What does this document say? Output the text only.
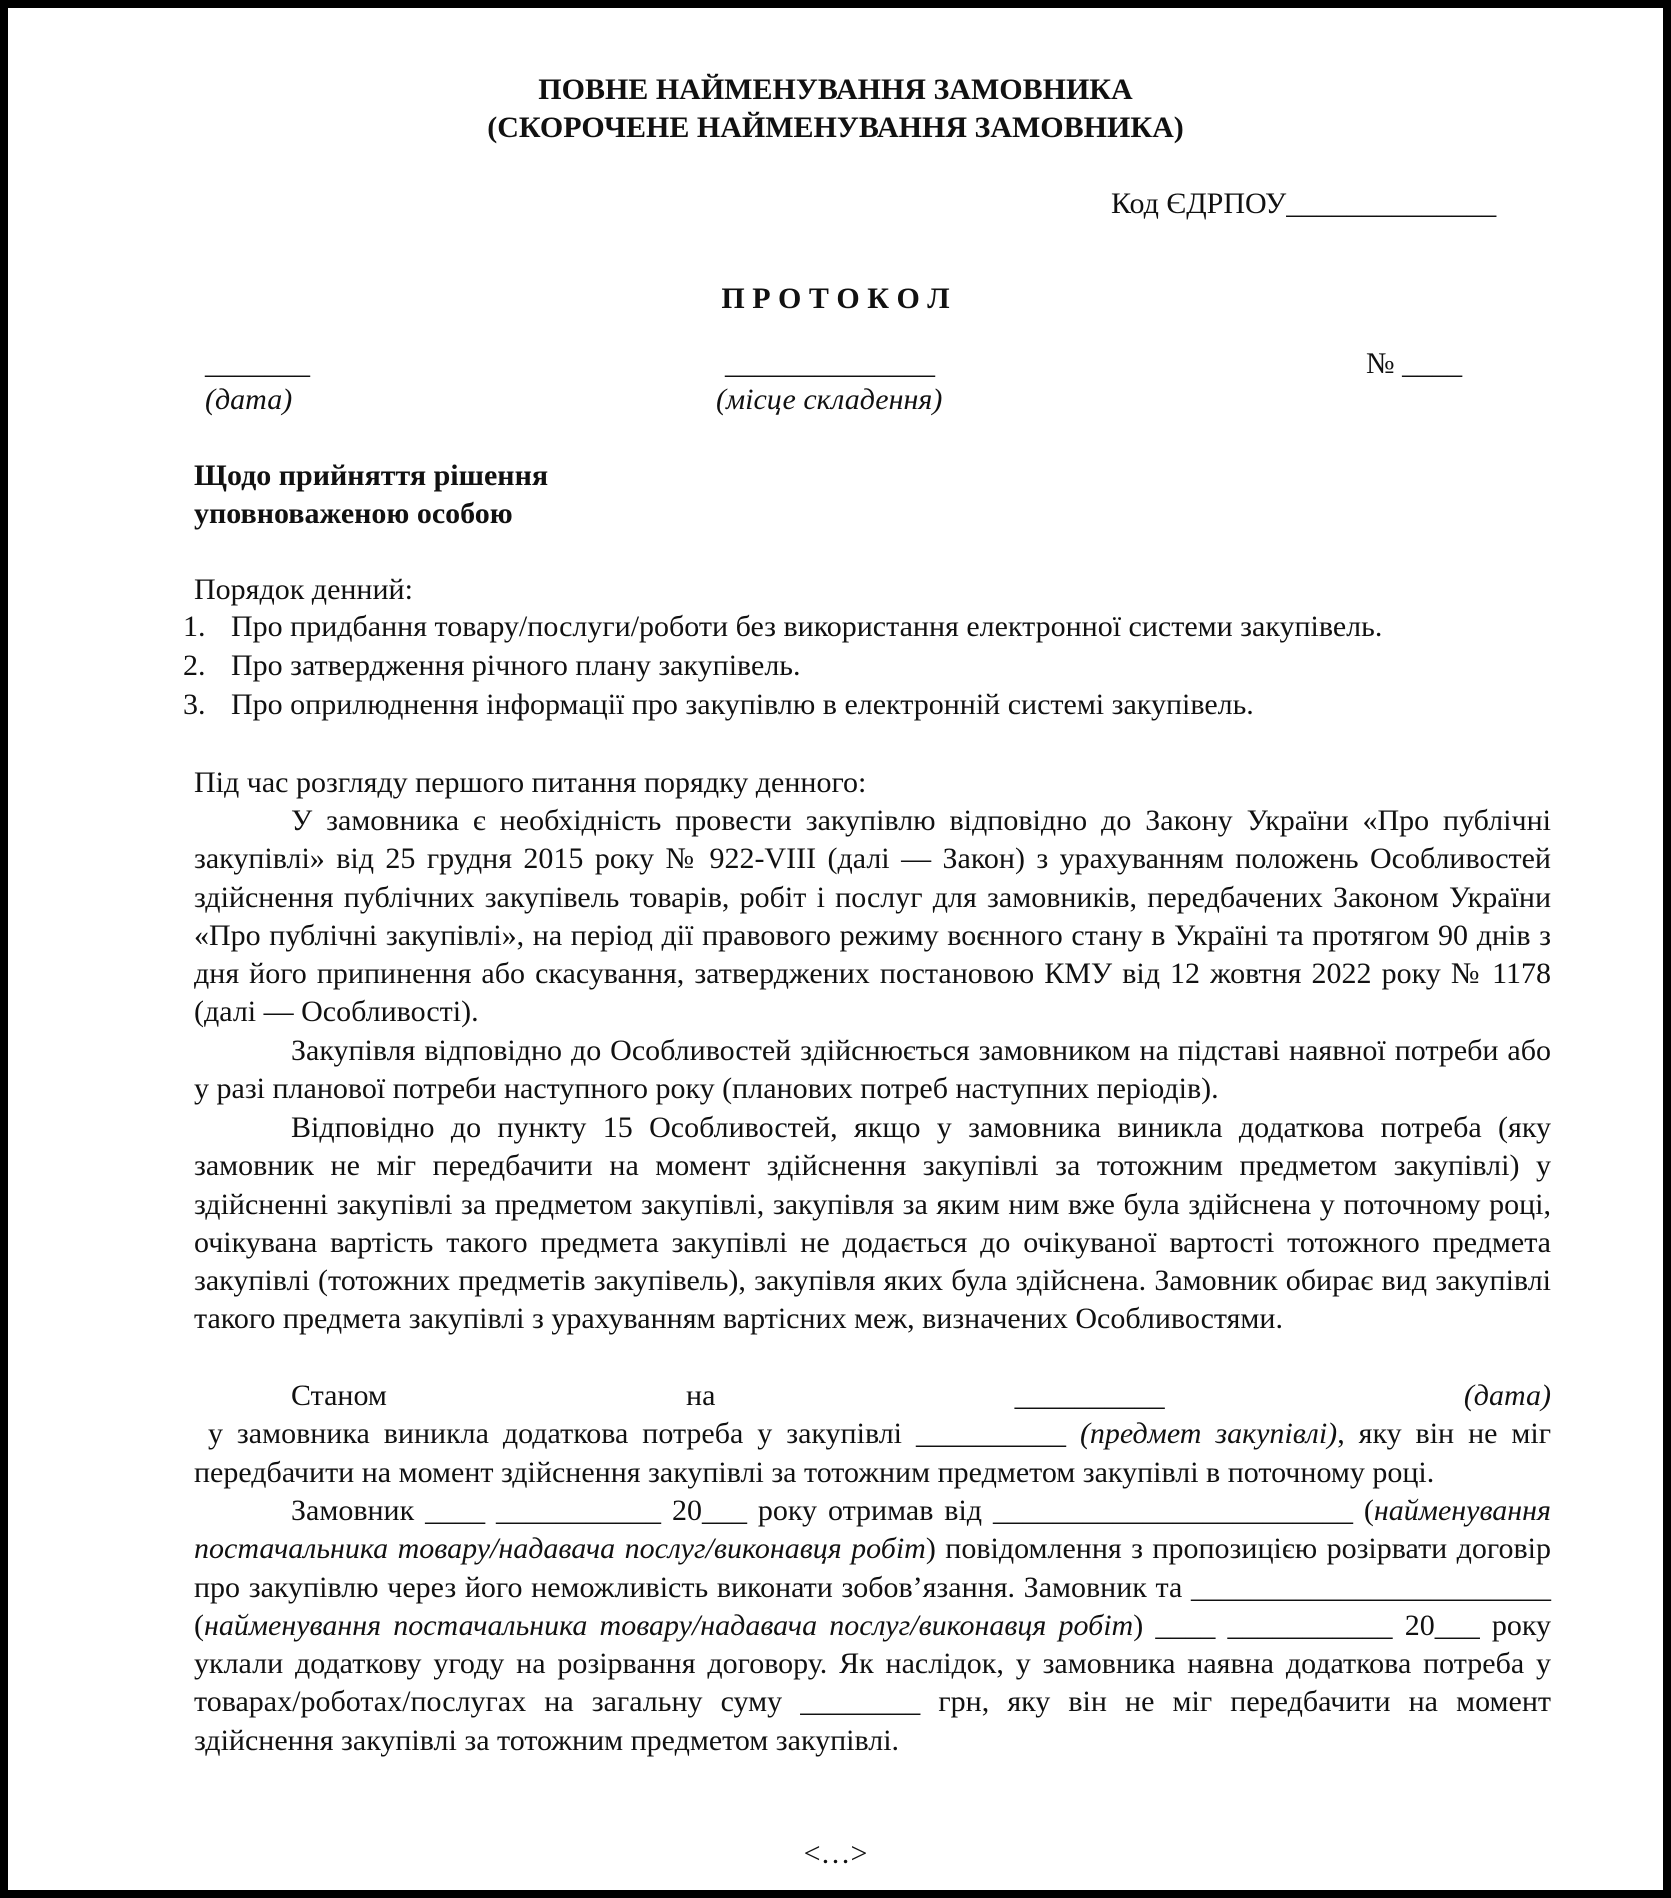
ПОВНЕ НАЙМЕНУВАННЯ ЗАМОВНИКА
(СКОРОЧЕНЕ НАЙМЕНУВАННЯ ЗАМОВНИКА)
Код ЄДРПОУ______________
П Р О Т О К О Л
_______
(дата)
______________
(місце складення)
№ ____
Щодо прийняття рішення
уповноваженою особою
Порядок денний:
1. Про придбання товару/послуги/роботи без використання електронної системи закупівель.
2. Про затвердження річного плану закупівель.
3. Про оприлюднення інформації про закупівлю в електронній системі закупівель.
Під час розгляду першого питання порядку денного:
У замовника є необхідність провести закупівлю відповідно до Закону України «Про публічні закупівлі» від 25 грудня 2015 року № 922-VIII (далі — Закон) з урахуванням положень Особливостей здійснення публічних закупівель товарів, робіт і послуг для замовників, передбачених Законом України «Про публічні закупівлі», на період дії правового режиму воєнного стану в Україні та протягом 90 днів з дня його припинення або скасування, затверджених постановою КМУ від 12 жовтня 2022 року № 1178 (далі — Особливості).
Закупівля відповідно до Особливостей здійснюється замовником на підставі наявної потреби або у разі планової потреби наступного року (планових потреб наступних періодів).
Відповідно до пункту 15 Особливостей, якщо у замовника виникла додаткова потреба (яку замовник не міг передбачити на момент здійснення закупівлі за тотожним предметом закупівлі) у здійсненні закупівлі за предметом закупівлі, закупівля за яким ним вже була здійснена у поточному році, очікувана вартість такого предмета закупівлі не додається до очікуваної вартості тотожного предмета закупівлі (тотожних предметів закупівель), закупівля яких була здійснена. Замовник обирає вид закупівлі такого предмета закупівлі з урахуванням вартісних меж, визначених Особливостями.
Станом на __________ (дата) у замовника виникла додаткова потреба у закупівлі __________ (предмет закупівлі), яку він не міг передбачити на момент здійснення закупівлі за тотожним предметом закупівлі в поточному році.
Замовник ____ ___________ 20___ року отримав від ________________________ (найменування постачальника товару/надавача послуг/виконавця робіт) повідомлення з пропозицією розірвати договір про закупівлю через його неможливість виконати зобов’язання. Замовник та ________________________ (найменування постачальника товару/надавача послуг/виконавця робіт) ____ ___________ 20___ року уклали додаткову угоду на розірвання договору. Як наслідок, у замовника наявна додаткова потреба у товарах/роботах/послугах на загальну суму ________ грн, яку він не міг передбачити на момент здійснення закупівлі за тотожним предметом закупівлі.
<…>
